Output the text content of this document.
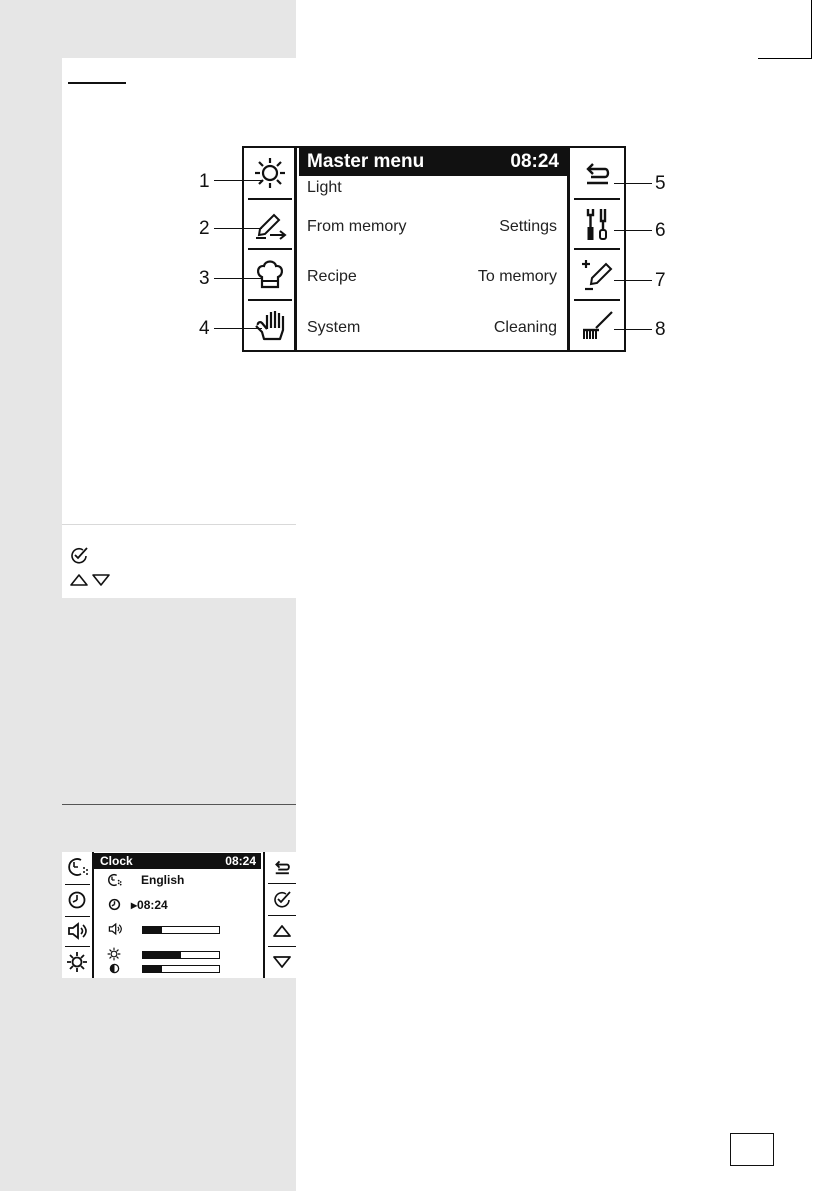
Master menu	08:24
Light
From memory	Settings
Recipe	To memory
System	Cleaning
1
2
3
4
5
6
7
8
Clock	08:24
English
▸08:24
